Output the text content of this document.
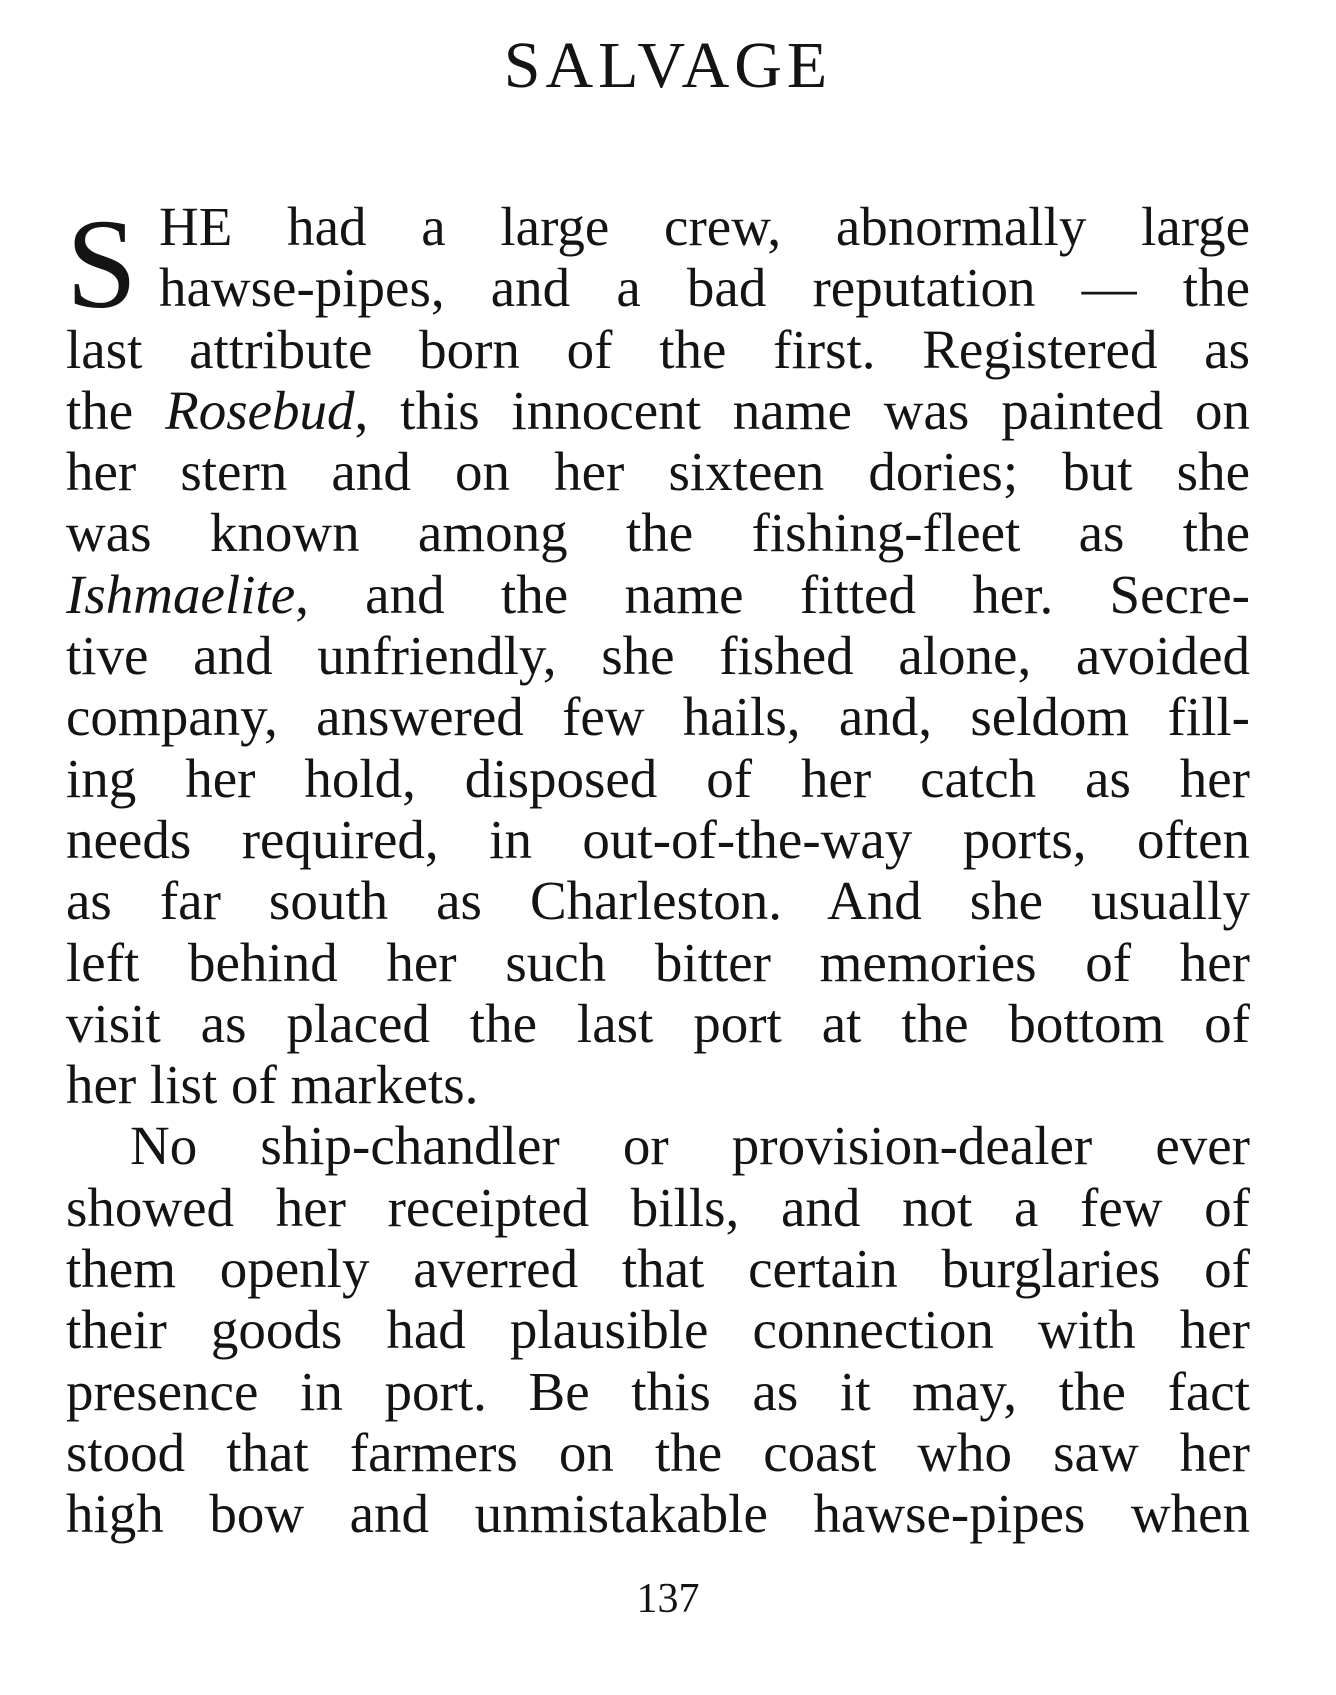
SALVAGE
S HE had a large crew, abnormally large
hawse-pipes, and a bad reputation — the
last attribute born of the first. Registered as
the Rosebud, this innocent name was painted on
her stern and on her sixteen dories; but she
was known among the fishing-fleet as the
Ishmaelite, and the name fitted her. Secre-
tive and unfriendly, she fished alone, avoided
company, answered few hails, and, seldom fill-
ing her hold, disposed of her catch as her
needs required, in out-of-the-way ports, often
as far south as Charleston. And she usually
left behind her such bitter memories of her
visit as placed the last port at the bottom of
her list of markets.
No ship-chandler or provision-dealer ever
showed her receipted bills, and not a few of
them openly averred that certain burglaries of
their goods had plausible connection with her
presence in port. Be this as it may, the fact
stood that farmers on the coast who saw her
high bow and unmistakable hawse-pipes when
137
